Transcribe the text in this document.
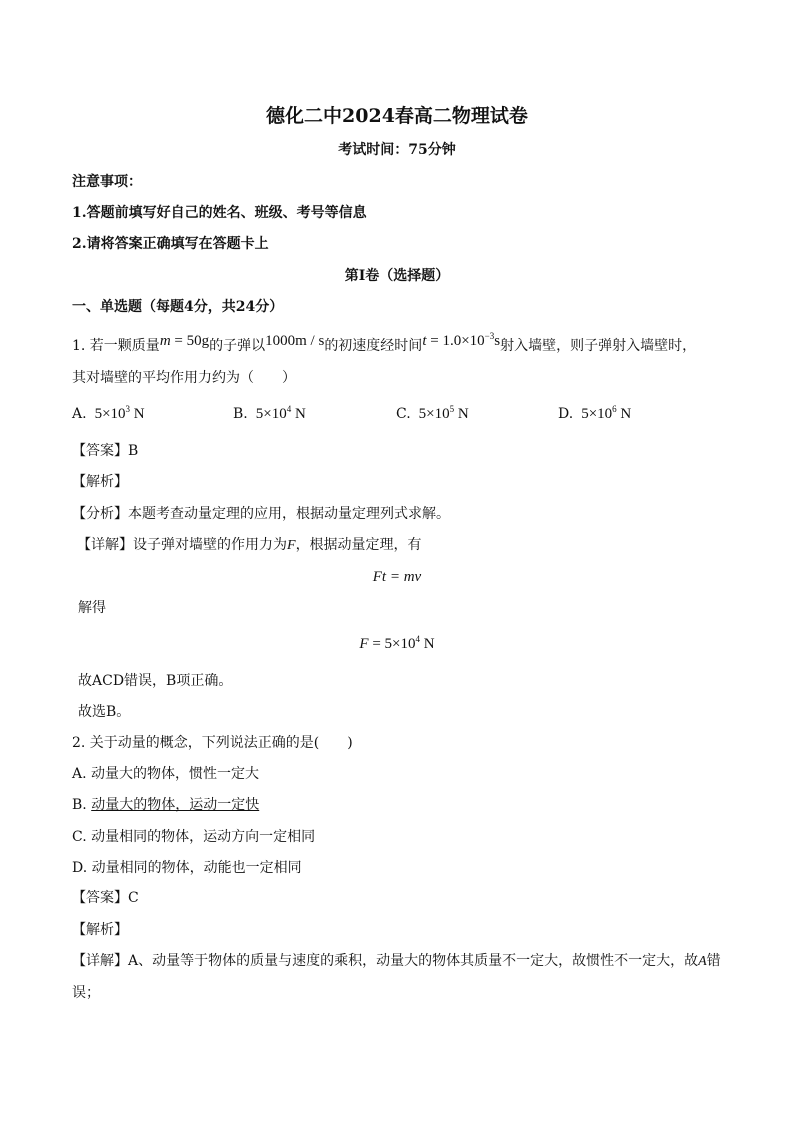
德化二中2024春高二物理试卷
考试时间：75分钟
注意事项：
1.答题前填写好自己的姓名、班级、考号等信息
2.请将答案正确填写在答题卡上
第I卷（选择题）
一、单选题（每题4分，共24分）
1. 若一颗质量m = 50g的子弹以1000m / s的初速度经时间$t = 1.0\times 10^{-3}s$射入墙壁，则子弹射入墙壁时，
其对墙壁的平均作用力约为（　　）
A. $5\times 10^3$ N	B. $5\times 10^4$ N	C. $5\times 10^5$ N	D. $5\times 10^6$ N
【答案】B
【解析】
【分析】本题考查动量定理的应用，根据动量定理列式求解。
【详解】设子弹对墙壁的作用力为F，根据动量定理，有
Ft = mv
解得
$F = 5\times 10^4$ N
故ACD错误，B项正确。
故选B。
2. 关于动量的概念，下列说法正确的是(　　)
A. 动量大的物体，惯性一定大
B. 动量大的物体，运动一定快
C. 动量相同的物体，运动方向一定相同
D. 动量相同的物体，动能也一定相同
【答案】C
【解析】
【详解】A、动量等于物体的质量与速度的乘积，动量大的物体其质量不一定大，故惯性不一定大，故A错
误；
